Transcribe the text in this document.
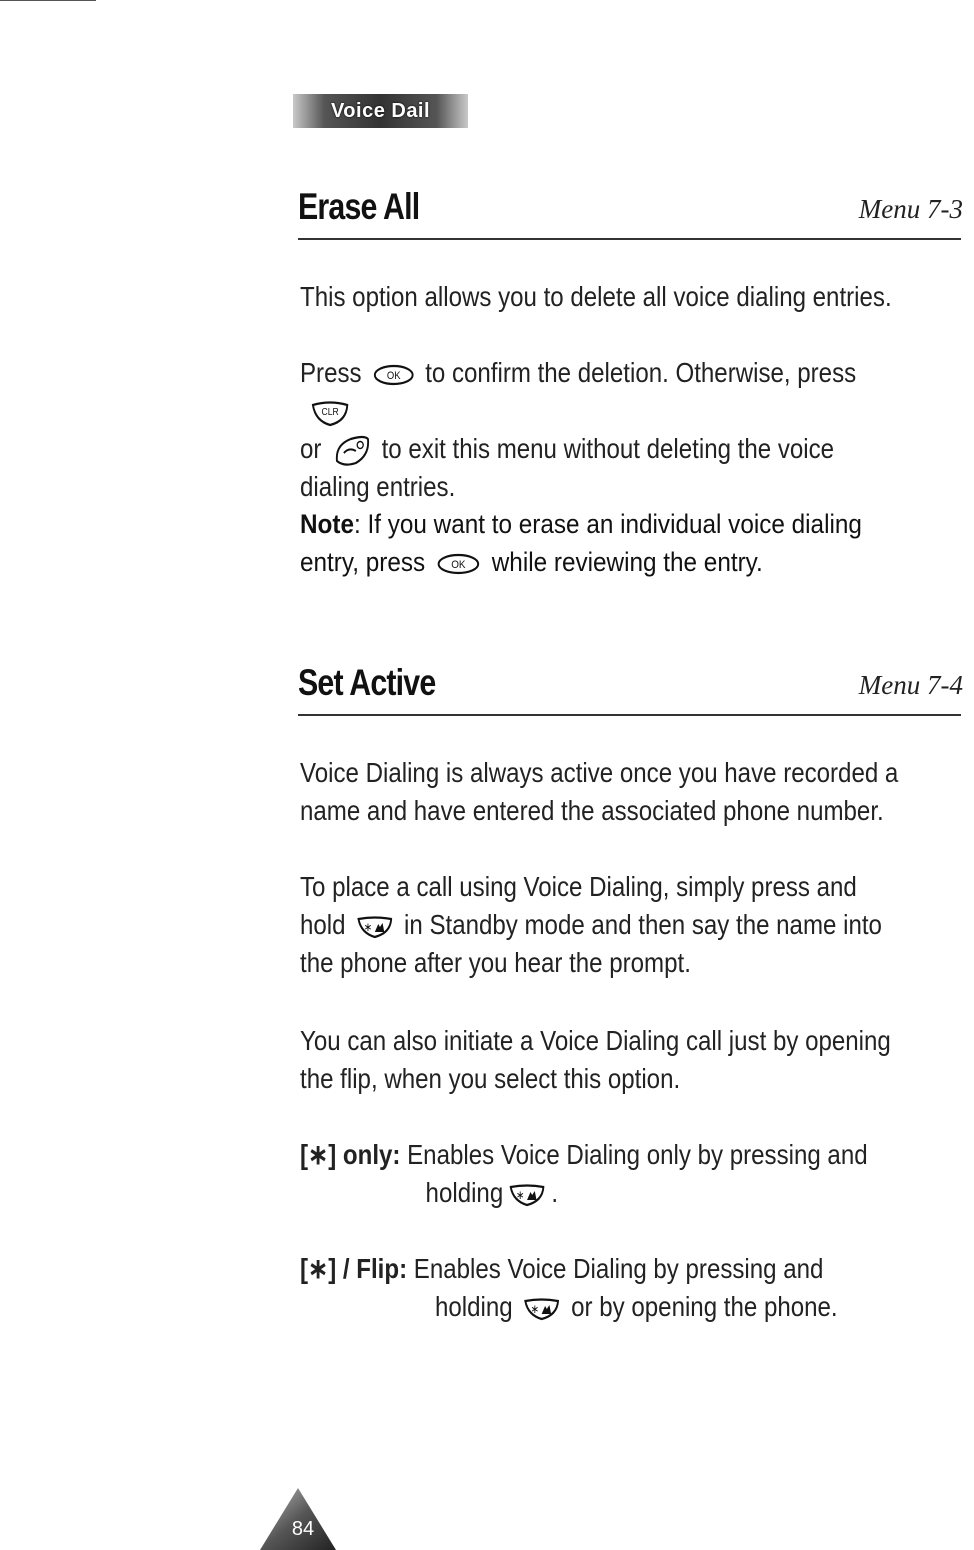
Voice Dail
Erase All	Menu 7-3
This option allows you to delete all voice dialing entries.
Press OK to confirm the deletion. Otherwise, press
CLR

or to exit this menu without deleting the voice
dialing entries.
Note: If you want to erase an individual voice dialing
entry, press OK while reviewing the entry.
Set Active	Menu 7-4
Voice Dialing is always active once you have recorded a
name and have entered the associated phone number.
To place a call using Voice Dialing, simply press and
hold ∗ in Standby mode and then say the name into
the phone after you hear the prompt.
You can also initiate a Voice Dialing call just by opening
the flip, when you select this option.
[∗] only: Enables Voice Dialing only by pressing and
holding ∗ .
[∗] / Flip: Enables Voice Dialing by pressing and
holding ∗ or by opening the phone.
84
